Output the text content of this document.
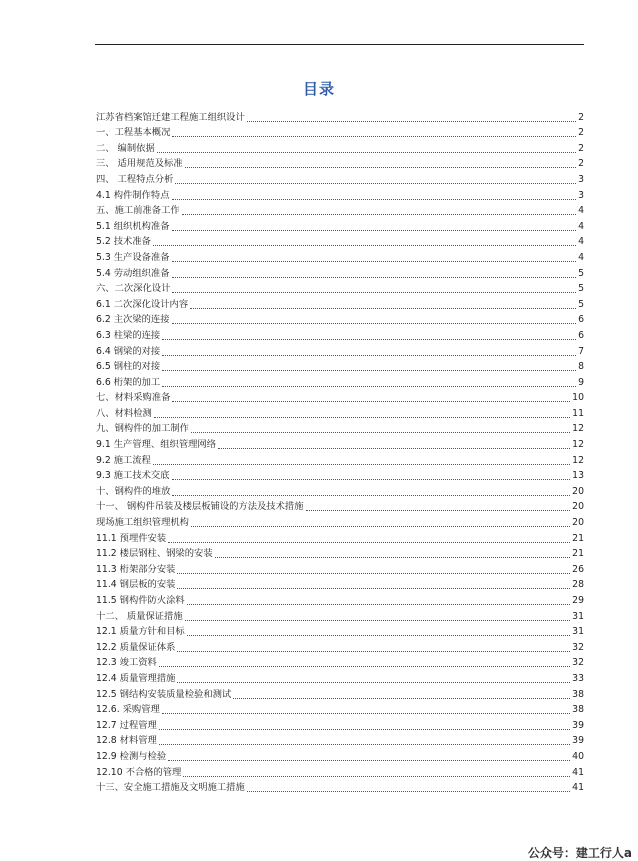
目录
江苏省档案馆迁建工程施工组织设计	2
一、工程基本概况	2
二、 编制依据	2
三、 适用规范及标准	2
四、 工程特点分析	3
4.1 构件制作特点	3
五、施工前准备工作	4
5.1 组织机构准备	4
5.2 技术准备	4
5.3 生产设备准备	4
5.4 劳动组织准备	5
六、二次深化设计	5
6.1 二次深化设计内容	5
6.2 主次梁的连接	6
6.3 柱梁的连接	6
6.4 钢梁的对接	7
6.5 钢柱的对接	8
6.6 桁架的加工	9
七、材料采购准备	10
八、材料检测	11
九、钢构件的加工制作	12
9.1 生产管理、组织管理网络	12
9.2 施工流程	12
9.3 施工技术交底	13
十、钢构件的堆放	20
十一、 钢构件吊装及楼层板铺设的方法及技术措施	20
现场施工组织管理机构	20
11.1 预埋件安装	21
11.2 楼层钢柱、钢梁的安装	21
11.3 桁架部分安装	26
11.4 钢层板的安装	28
11.5 钢构件防火涂料	29
十二、 质量保证措施	31
12.1 质量方针和目标	31
12.2 质量保证体系	32
12.3 竣工资料	32
12.4 质量管理措施	33
12.5 钢结构安装质量检验和测试	38
12.6. 采购管理	38
12.7 过程管理	39
12.8 材料管理	39
12.9 检测与检验	40
12.10 不合格的管理	41
十三、安全施工措施及文明施工措施	41
公众号：建工行人a
